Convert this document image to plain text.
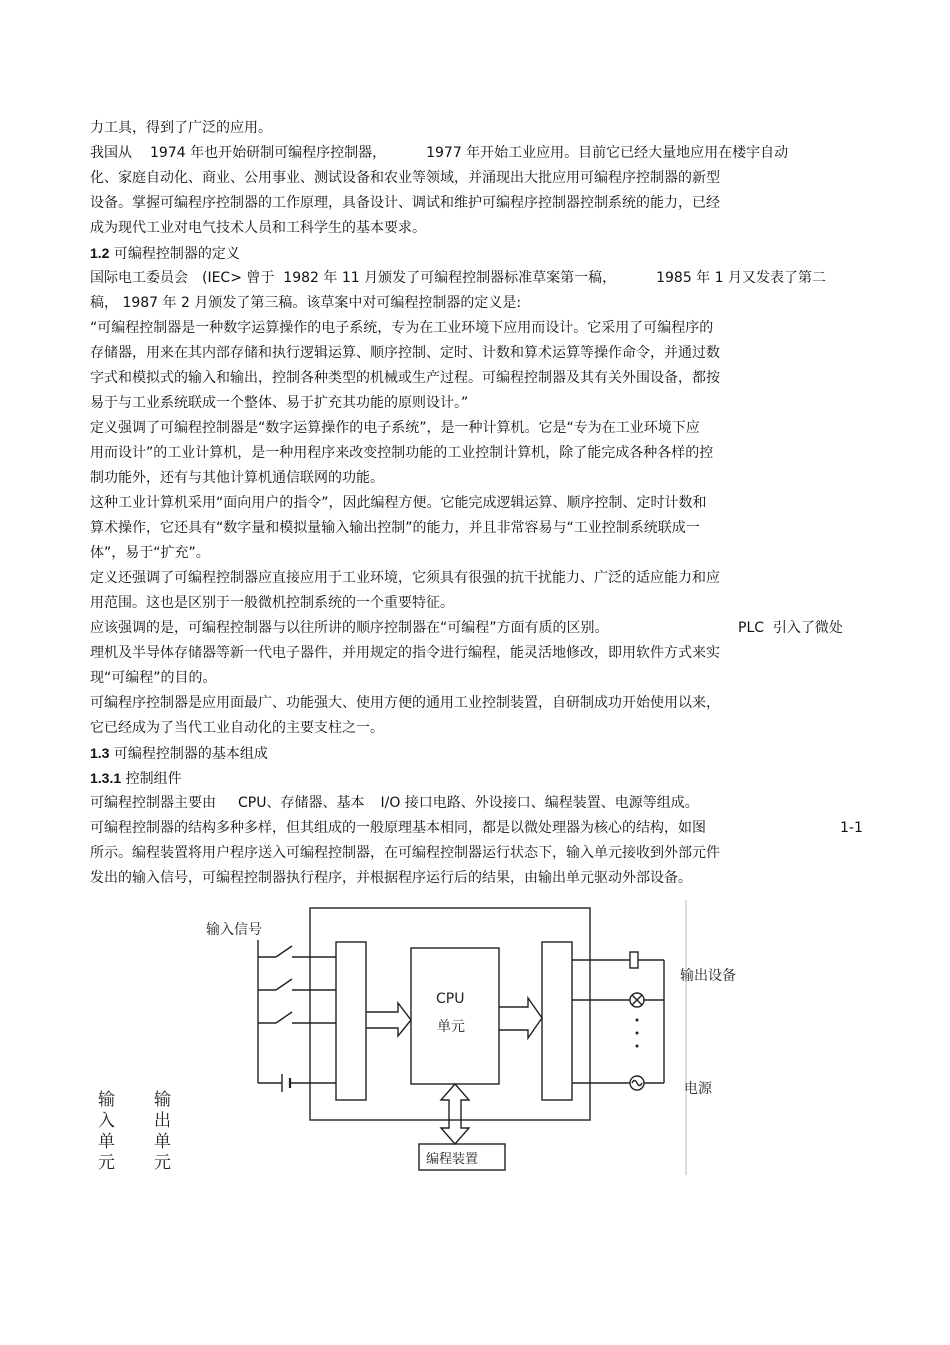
力工具，得到了广泛的应用。
我国从 1974 年也开始研制可编程序控制器，	1977 年开始工业应用。目前它已经大量地应用在楼宇自动
化、家庭自动化、商业、公用事业、测试设备和农业等领域，并涌现出大批应用可编程序控制器的新型
设备。掌握可编程序控制器的工作原理，具备设计、调试和维护可编程序控制器控制系统的能力，已经
成为现代工业对电气技术人员和工科学生的基本要求。
1.2 可编程控制器的定义
国际电工委员会 (IEC> 曾于  1982 年 11 月颁发了可编程控制器标准草案第一稿，	1985 年 1 月又发表了第二
稿， 1987 年 2 月颁发了第三稿。该草案中对可编程控制器的定义是:
“可编程控制器是一种数字运算操作的电子系统，专为在工业环境下应用而设计。它采用了可编程序的
存储器，用来在其内部存储和执行逻辑运算、顺序控制、定时、计数和算术运算等操作命令，并通过数
字式和模拟式的输入和输出，控制各种类型的机械或生产过程。可编程控制器及其有关外围设备，都按
易于与工业系统联成一个整体、易于扩充其功能的原则设计。”
定义强调了可编程控制器是“数字运算操作的电子系统”，是一种计算机。它是“专为在工业环境下应
用而设计”的工业计算机，是一种用程序来改变控制功能的工业控制计算机，除了能完成各种各样的控
制功能外，还有与其他计算机通信联网的功能。
这种工业计算机采用“面向用户的指令”，因此编程方便。它能完成逻辑运算、顺序控制、定时计数和
算术操作，它还具有“数字量和模拟量输入输出控制”的能力，并且非常容易与“工业控制系统联成一
体”，易于“扩充”。
定义还强调了可编程控制器应直接应用于工业环境，它须具有很强的抗干扰能力、广泛的适应能力和应
用范围。这也是区别于一般微机控制系统的一个重要特征。
应该强调的是，可编程控制器与以往所讲的顺序控制器在“可编程”方面有质的区别。	PLC  引入了微处
理机及半导体存储器等新一代电子器件，并用规定的指令进行编程，能灵活地修改，即用软件方式来实
现“可编程”的目的。
可编程序控制器是应用面最广、功能强大、使用方便的通用工业控制装置，自研制成功开始使用以来，
它已经成为了当代工业自动化的主要支柱之一。
1.3 可编程控制器的基本组成
1.3.1 控制组件
可编程控制器主要由 CPU、存储器、基本 I/O 接口电路、外设接口、编程装置、电源等组成。
可编程控制器的结构多种多样，但其组成的一般原理基本相同，都是以微处理器为核心的结构，如图	1-1
所示。编程装置将用户程序送入可编程控制器，在可编程控制器运行状态下，输入单元接收到外部元件
发出的输入信号，可编程控制器执行程序，并根据程序运行后的结果，由输出单元驱动外部设备。
输入信号
输出设备
电源
CPU
单元
编程装置
输入单元 输出单元
